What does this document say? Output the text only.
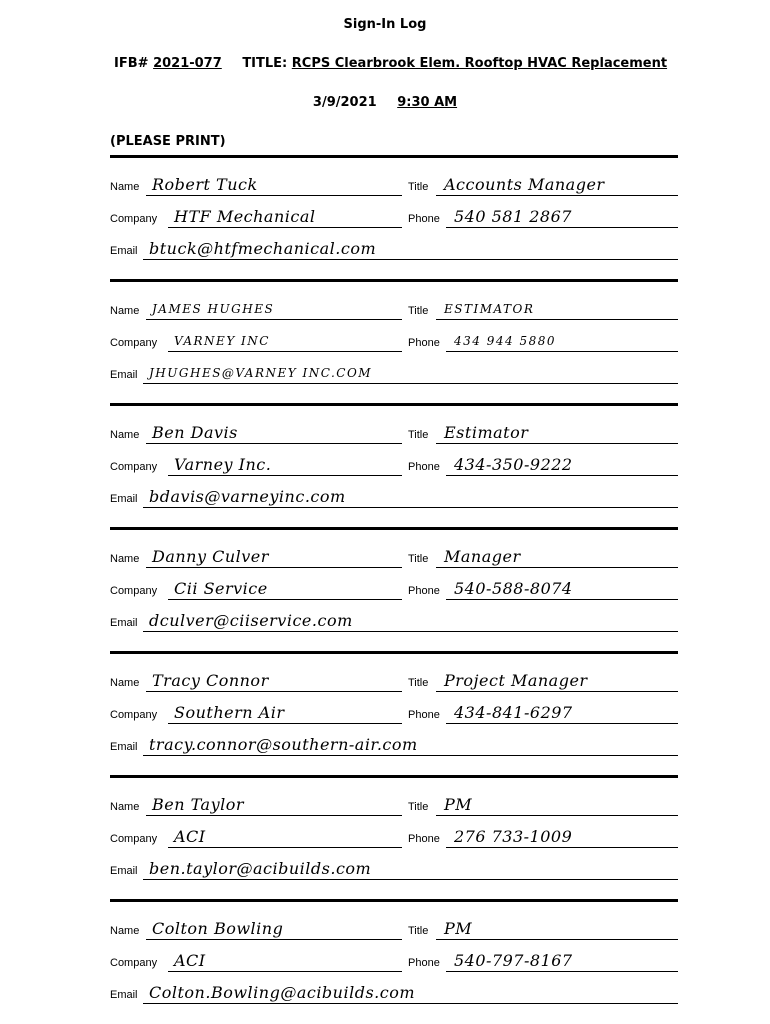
Sign-In Log
IFB# 2021-077 TITLE: RCPS Clearbrook Elem. Rooftop HVAC Replacement
3/9/2021 9:30 AM
(PLEASE PRINT)
Name Robert Tuck	Title Accounts Manager
Company HTF Mechanical	Phone 540 581 2867
Email btuck@htfmechanical.com
Name JAMES HUGHES	Title ESTIMATOR
Company VARNEY INC	Phone 434 944 5880
Email JHUGHES@VARNEY INC.COM
Name Ben Davis	Title Estimator
Company Varney Inc.	Phone 434-350-9222
Email bdavis@varneyinc.com
Name Danny Culver	Title Manager
Company Cii Service	Phone 540-588-8074
Email dculver@ciiservice.com
Name Tracy Connor	Title Project Manager
Company Southern Air	Phone 434-841-6297
Email tracy.connor@southern-air.com
Name Ben Taylor	Title PM
Company ACI	Phone 276 733-1009
Email ben.taylor@acibuilds.com
Name Colton Bowling	Title PM
Company ACI	Phone 540-797-8167
Email Colton.Bowling@acibuilds.com
